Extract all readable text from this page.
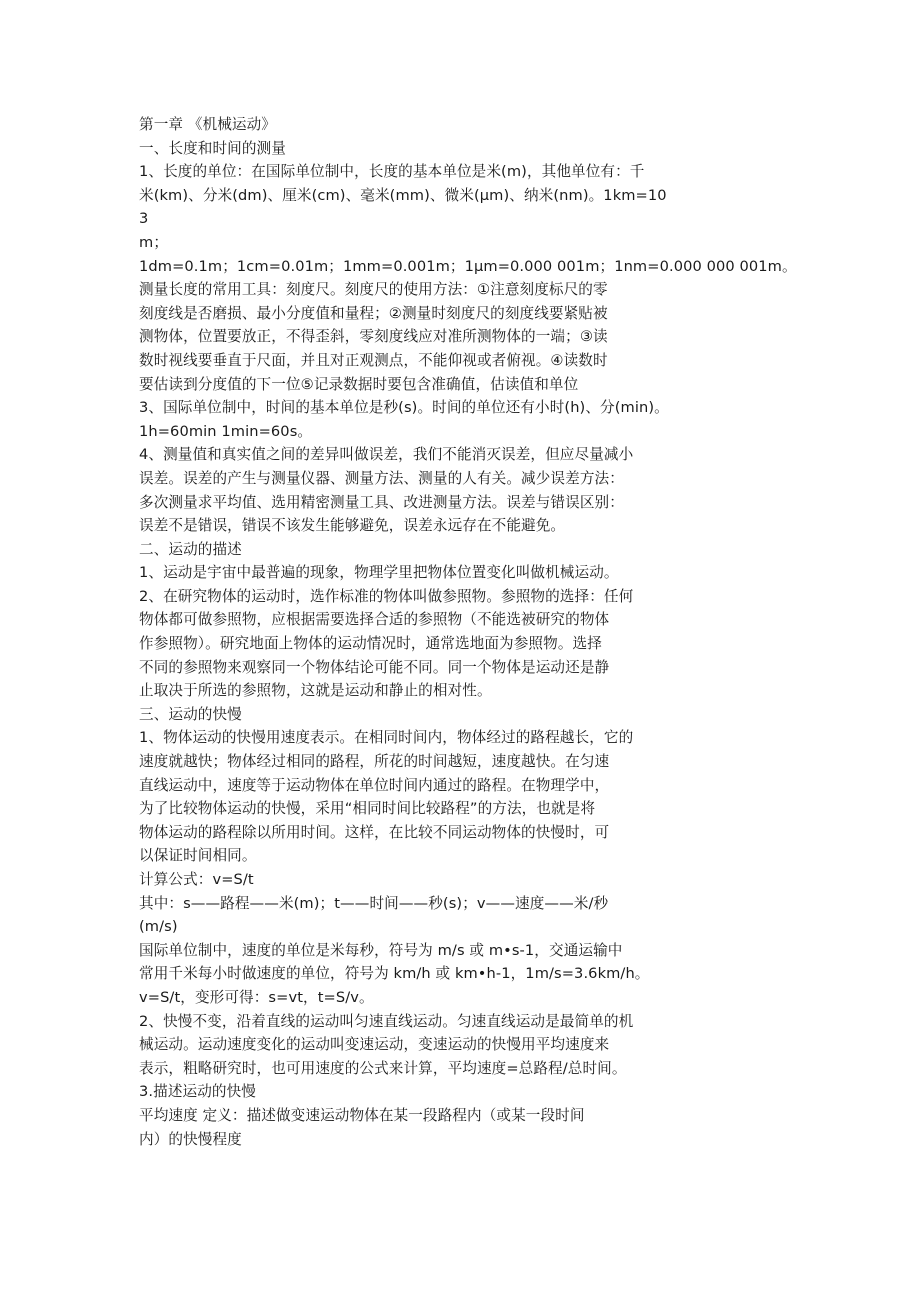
第一章 《机械运动》
一、长度和时间的测量
1、长度的单位：在国际单位制中，长度的基本单位是米(m)，其他单位有：千
米(km)、分米(dm)、厘米(cm)、毫米(mm)、微米(μm)、纳米(nm)。1km=10
3
m；
1dm=0.1m；1cm=0.01m；1mm=0.001m；1μm=0.000 001m；1nm=0.000 000 001m。
测量长度的常用工具：刻度尺。刻度尺的使用方法：①注意刻度标尺的零
刻度线是否磨损、最小分度值和量程；②测量时刻度尺的刻度线要紧贴被
测物体，位置要放正，不得歪斜，零刻度线应对准所测物体的一端；③读
数时视线要垂直于尺面，并且对正观测点，不能仰视或者俯视。④读数时
要估读到分度值的下一位⑤记录数据时要包含准确值，估读值和单位
3、国际单位制中，时间的基本单位是秒(s)。时间的单位还有小时(h)、分(min)。
1h=60min 1min=60s。
4、测量值和真实值之间的差异叫做误差，我们不能消灭误差，但应尽量减小
误差。误差的产生与测量仪器、测量方法、测量的人有关。减少误差方法：
多次测量求平均值、选用精密测量工具、改进测量方法。误差与错误区别：
误差不是错误，错误不该发生能够避免，误差永远存在不能避免。
二、运动的描述
1、运动是宇宙中最普遍的现象，物理学里把物体位置变化叫做机械运动。
2、在研究物体的运动时，选作标准的物体叫做参照物。参照物的选择：任何
物体都可做参照物，应根据需要选择合适的参照物（不能选被研究的物体
作参照物）。研究地面上物体的运动情况时，通常选地面为参照物。选择
不同的参照物来观察同一个物体结论可能不同。同一个物体是运动还是静
止取决于所选的参照物，这就是运动和静止的相对性。
三、运动的快慢
1、物体运动的快慢用速度表示。在相同时间内，物体经过的路程越长，它的
速度就越快；物体经过相同的路程，所花的时间越短，速度越快。在匀速
直线运动中，速度等于运动物体在单位时间内通过的路程。在物理学中，
为了比较物体运动的快慢，采用“相同时间比较路程”的方法，也就是将
物体运动的路程除以所用时间。这样，在比较不同运动物体的快慢时，可
以保证时间相同。
计算公式：v=S/t
其中：s——路程——米(m)；t——时间——秒(s)；v——速度——米/秒
(m/s)
国际单位制中，速度的单位是米每秒，符号为 m/s 或 m•s-1，交通运输中
常用千米每小时做速度的单位，符号为 km/h 或 km•h-1，1m/s=3.6km/h。
v=S/t，变形可得：s=vt，t=S/v。
2、快慢不变，沿着直线的运动叫匀速直线运动。匀速直线运动是最简单的机
械运动。运动速度变化的运动叫变速运动，变速运动的快慢用平均速度来
表示，粗略研究时，也可用速度的公式来计算，平均速度=总路程/总时间。
3.描述运动的快慢
平均速度 定义：描述做变速运动物体在某一段路程内（或某一段时间
内）的快慢程度
